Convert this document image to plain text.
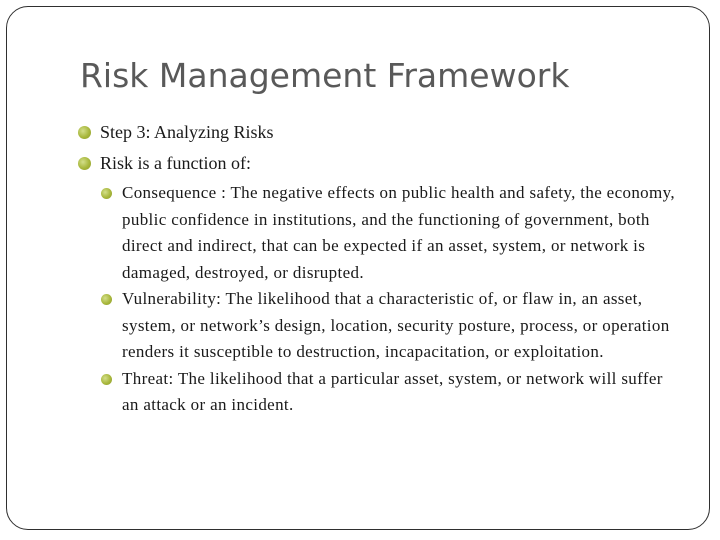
Risk Management Framework
Step 3: Analyzing Risks
Risk is a function of:
Consequence : The negative effects on public health and safety, the economy, public confidence in institutions, and the functioning of government, both direct and indirect, that can be expected if an asset, system, or network is damaged, destroyed, or disrupted.
Vulnerability: The likelihood that a characteristic of, or flaw in, an asset, system, or network’s design, location, security posture, process, or operation renders it susceptible to destruction, incapacitation, or exploitation.
Threat: The likelihood that a particular asset, system, or network will suffer an attack or an incident.
